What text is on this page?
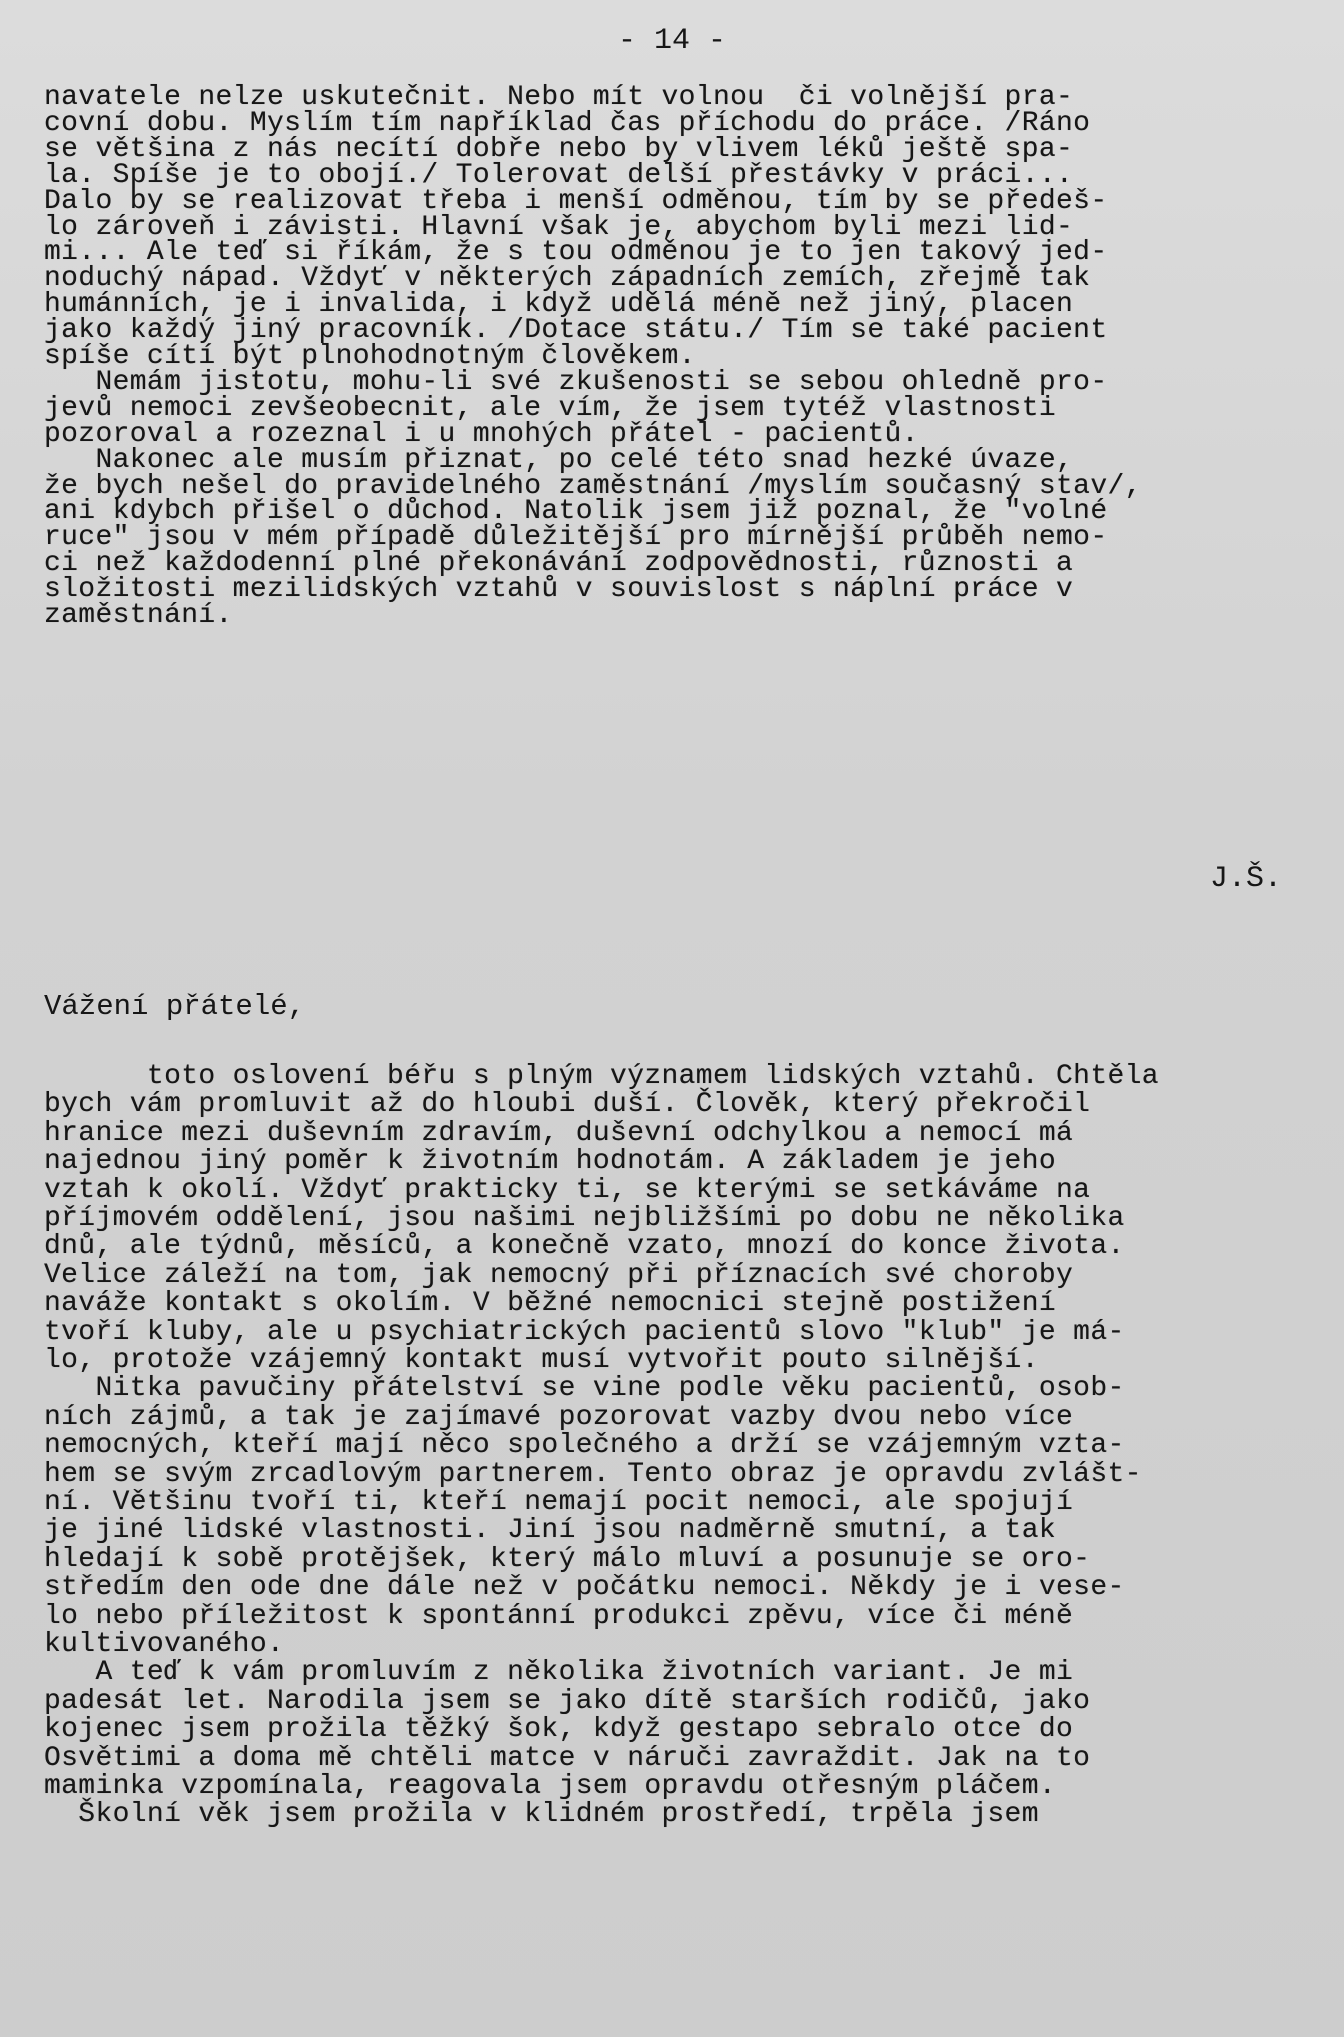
- 14 -
navatele nelze uskutečnit. Nebo mít volnou  či volnější pra-
covní dobu. Myslím tím například čas příchodu do práce. /Ráno
se většina z nás necítí dobře nebo by vlivem léků ještě spa-
la. Spíše je to obojí./ Tolerovat delší přestávky v práci...
Dalo by se realizovat třeba i menší odměnou, tím by se předeš-
lo zároveň i závisti. Hlavní však je, abychom byli mezi lid-
mi... Ale teď si říkám, že s tou odměnou je to jen takový jed-
noduchý nápad. Vždyť v některých západních zemích, zřejmě tak
humánních, je i invalida, i když udělá méně než jiný, placen
jako každý jiný pracovník. /Dotace státu./ Tím se také pacient
spíše cítí být plnohodnotným člověkem.
Nemám jistotu, mohu-li své zkušenosti se sebou ohledně pro-
jevů nemoci zevšeobecnit, ale vím, že jsem tytéž vlastnosti
pozoroval a rozeznal i u mnohých přátel - pacientů.
Nakonec ale musím přiznat, po celé této snad hezké úvaze,
že bych nešel do pravidelného zaměstnání /myslím současný stav/,
ani kdybch přišel o důchod. Natolik jsem již poznal, že "volné
ruce" jsou v mém případě důležitější pro mírnější průběh nemo-
ci než každodenní plné překonávání zodpovědnosti, různosti a
složitosti mezilidských vztahů v souvislost s náplní práce v
zaměstnání.
J.Š.
Vážení přátelé,
toto oslovení béřu s plným významem lidských vztahů. Chtěla
bych vám promluvit až do hloubi duší. Člověk, který překročil
hranice mezi duševním zdravím, duševní odchylkou a nemocí má
najednou jiný poměr k životním hodnotám. A základem je jeho
vztah k okolí. Vždyť prakticky ti, se kterými se setkáváme na
příjmovém oddělení, jsou našimi nejbližšími po dobu ne několika
dnů, ale týdnů, měsíců, a konečně vzato, mnozí do konce života.
Velice záleží na tom, jak nemocný při příznacích své choroby
naváže kontakt s okolím. V běžné nemocnici stejně postižení
tvoří kluby, ale u psychiatrických pacientů slovo "klub" je má-
lo, protože vzájemný kontakt musí vytvořit pouto silnější.
Nitka pavučiny přátelství se vine podle věku pacientů, osob-
ních zájmů, a tak je zajímavé pozorovat vazby dvou nebo více
nemocných, kteří mají něco společného a drží se vzájemným vzta-
hem se svým zrcadlovým partnerem. Tento obraz je opravdu zvlášt-
ní. Většinu tvoří ti, kteří nemají pocit nemoci, ale spojují
je jiné lidské vlastnosti. Jiní jsou nadměrně smutní, a tak
hledají k sobě protějšek, který málo mluví a posunuje se oro-
středím den ode dne dále než v počátku nemoci. Někdy je i vese-
lo nebo příležitost k spontánní produkci zpěvu, více či méně
kultivovaného.
A teď k vám promluvím z několika životních variant. Je mi
padesát let. Narodila jsem se jako dítě starších rodičů, jako
kojenec jsem prožila těžký šok, když gestapo sebralo otce do
Osvětimi a doma mě chtěli matce v náruči zavraždit. Jak na to
maminka vzpomínala, reagovala jsem opravdu otřesným pláčem.
Školní věk jsem prožila v klidném prostředí, trpěla jsem
